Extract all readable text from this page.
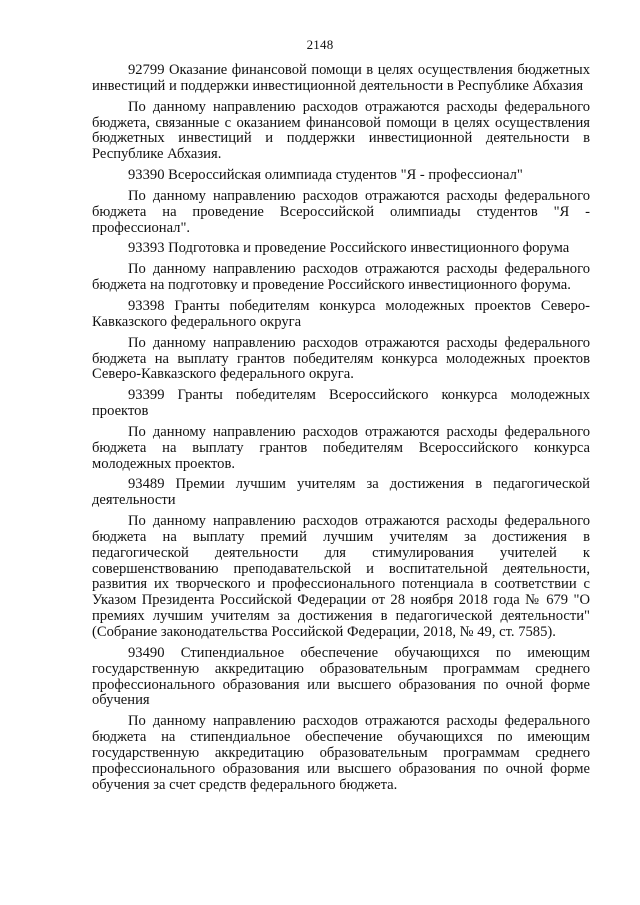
2148

92799 Оказание финансовой помощи в целях осуществления бюджетных инвестиций и поддержки инвестиционной деятельности в Республике Абхазия

По данному направлению расходов отражаются расходы федерального бюджета, связанные с оказанием финансовой помощи в целях осуществления бюджетных инвестиций и поддержки инвестиционной деятельности в Республике Абхазия.

93390 Всероссийская олимпиада студентов "Я - профессионал"

По данному направлению расходов отражаются расходы федерального бюджета на проведение Всероссийской олимпиады студентов "Я - профессионал".

93393 Подготовка и проведение Российского инвестиционного форума

По данному направлению расходов отражаются расходы федерального бюджета на подготовку и проведение Российского инвестиционного форума.

93398 Гранты победителям конкурса молодежных проектов Северо-Кавказского федерального округа

По данному направлению расходов отражаются расходы федерального бюджета на выплату грантов победителям конкурса молодежных проектов Северо-Кавказского федерального округа.

93399 Гранты победителям Всероссийского конкурса молодежных проектов

По данному направлению расходов отражаются расходы федерального бюджета на выплату грантов победителям Всероссийского конкурса молодежных проектов.

93489 Премии лучшим учителям за достижения в педагогической деятельности

По данному направлению расходов отражаются расходы федерального бюджета на выплату премий лучшим учителям за достижения в педагогической деятельности для стимулирования учителей к совершенствованию преподавательской и воспитательной деятельности, развития их творческого и профессионального потенциала в соответствии с Указом Президента Российской Федерации от 28 ноября 2018 года № 679 "О премиях лучшим учителям за достижения в педагогической деятельности" (Собрание законодательства Российской Федерации, 2018, № 49, ст. 7585).

93490 Стипендиальное обеспечение обучающихся по имеющим государственную аккредитацию образовательным программам среднего профессионального образования или высшего образования по очной форме обучения

По данному направлению расходов отражаются расходы федерального бюджета на стипендиальное обеспечение обучающихся по имеющим государственную аккредитацию образовательным программам среднего профессионального образования или высшего образования по очной форме обучения за счет средств федерального бюджета.
